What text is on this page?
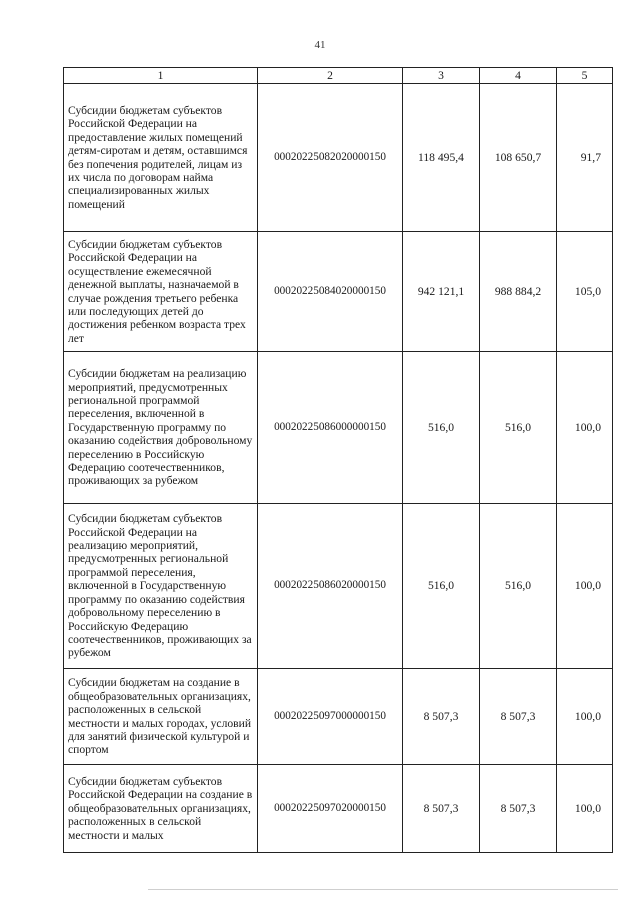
41
1	2	3	4	5
Субсидии бюджетам субъектов Российской Федерации на предоставление жилых помещений детям-сиротам и детям, оставшимся без попечения родителей, лицам из их числа по договорам найма специализированных жилых помещений	00020225082020000150	118 495,4	108 650,7	91,7
Субсидии бюджетам субъектов Российской Федерации на осуществление ежемесячной денежной выплаты, назначаемой в случае рождения третьего ребенка или последующих детей до достижения ребенком возраста трех лет	00020225084020000150	942 121,1	988 884,2	105,0
Субсидии бюджетам на реализацию мероприятий, предусмотренных региональной программой переселения, включенной в Государственную программу по оказанию содействия добровольному переселению в Российскую Федерацию соотечественников, проживающих за рубежом	00020225086000000150	516,0	516,0	100,0
Субсидии бюджетам субъектов Российской Федерации на реализацию мероприятий, предусмотренных региональной программой переселения, включенной в Государственную программу по оказанию содействия добровольному переселению в Российскую Федерацию соотечественников, проживающих за рубежом	00020225086020000150	516,0	516,0	100,0
Субсидии бюджетам на создание в общеобразовательных организациях, расположенных в сельской местности и малых городах, условий для занятий физической культурой и спортом	00020225097000000150	8 507,3	8 507,3	100,0
Субсидии бюджетам субъектов Российской Федерации на создание в общеобразовательных организациях, расположенных в сельской местности и малых	00020225097020000150	8 507,3	8 507,3	100,0
